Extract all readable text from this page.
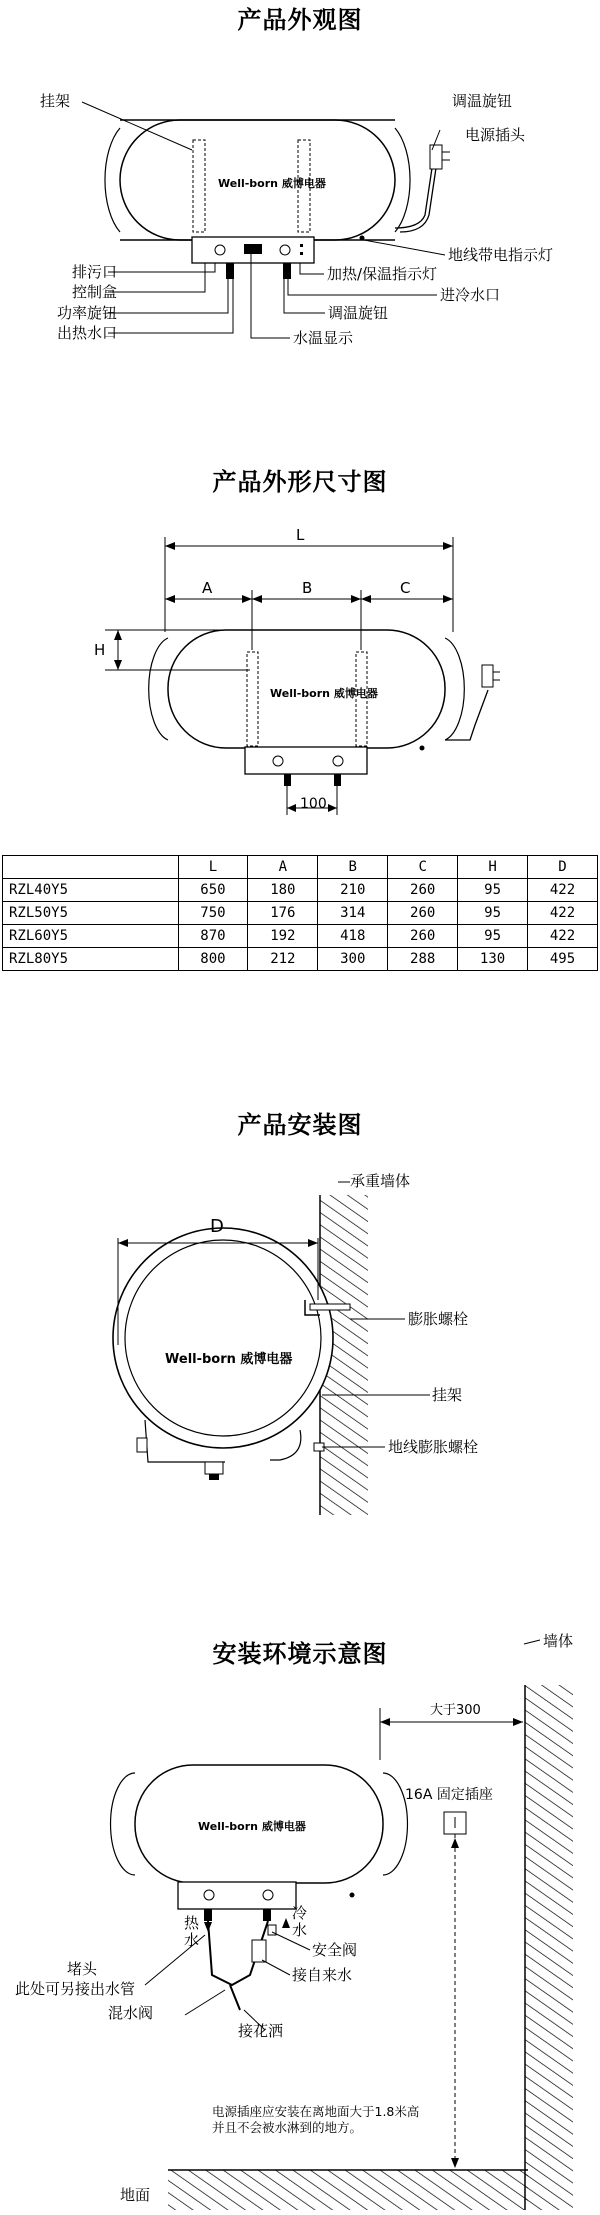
产品外观图
Well-born 威博电器
Well-born 威博电器
Well-born 威博电器
Well-born 威博电器
挂架	调温旋钮
电源插头
地线带电指示灯
排污口
控制盒
功率旋钮
出热水口
加热/保温指示灯
进冷水口
调温旋钮
水温显示
产品外形尺寸图
L
A	B	C
H
100
	L	A	B	C	H	D
RZL40Y5	650	180	210	260	95	422
RZL50Y5	750	176	314	260	95	422
RZL60Y5	870	192	418	260	95	422
RZL80Y5	800	212	300	288	130	495
产品安装图
承重墙体
D
膨胀螺栓
挂架
地线膨胀螺栓
安装环境示意图	墙体
大于300
16A 固定插座
热水
冷水
堵头
此处可另接出水管
安全阀
混水阀
接自来水
接花洒
电源插座应安装在离地面大于1.8米高
并且不会被水淋到的地方。
地面
